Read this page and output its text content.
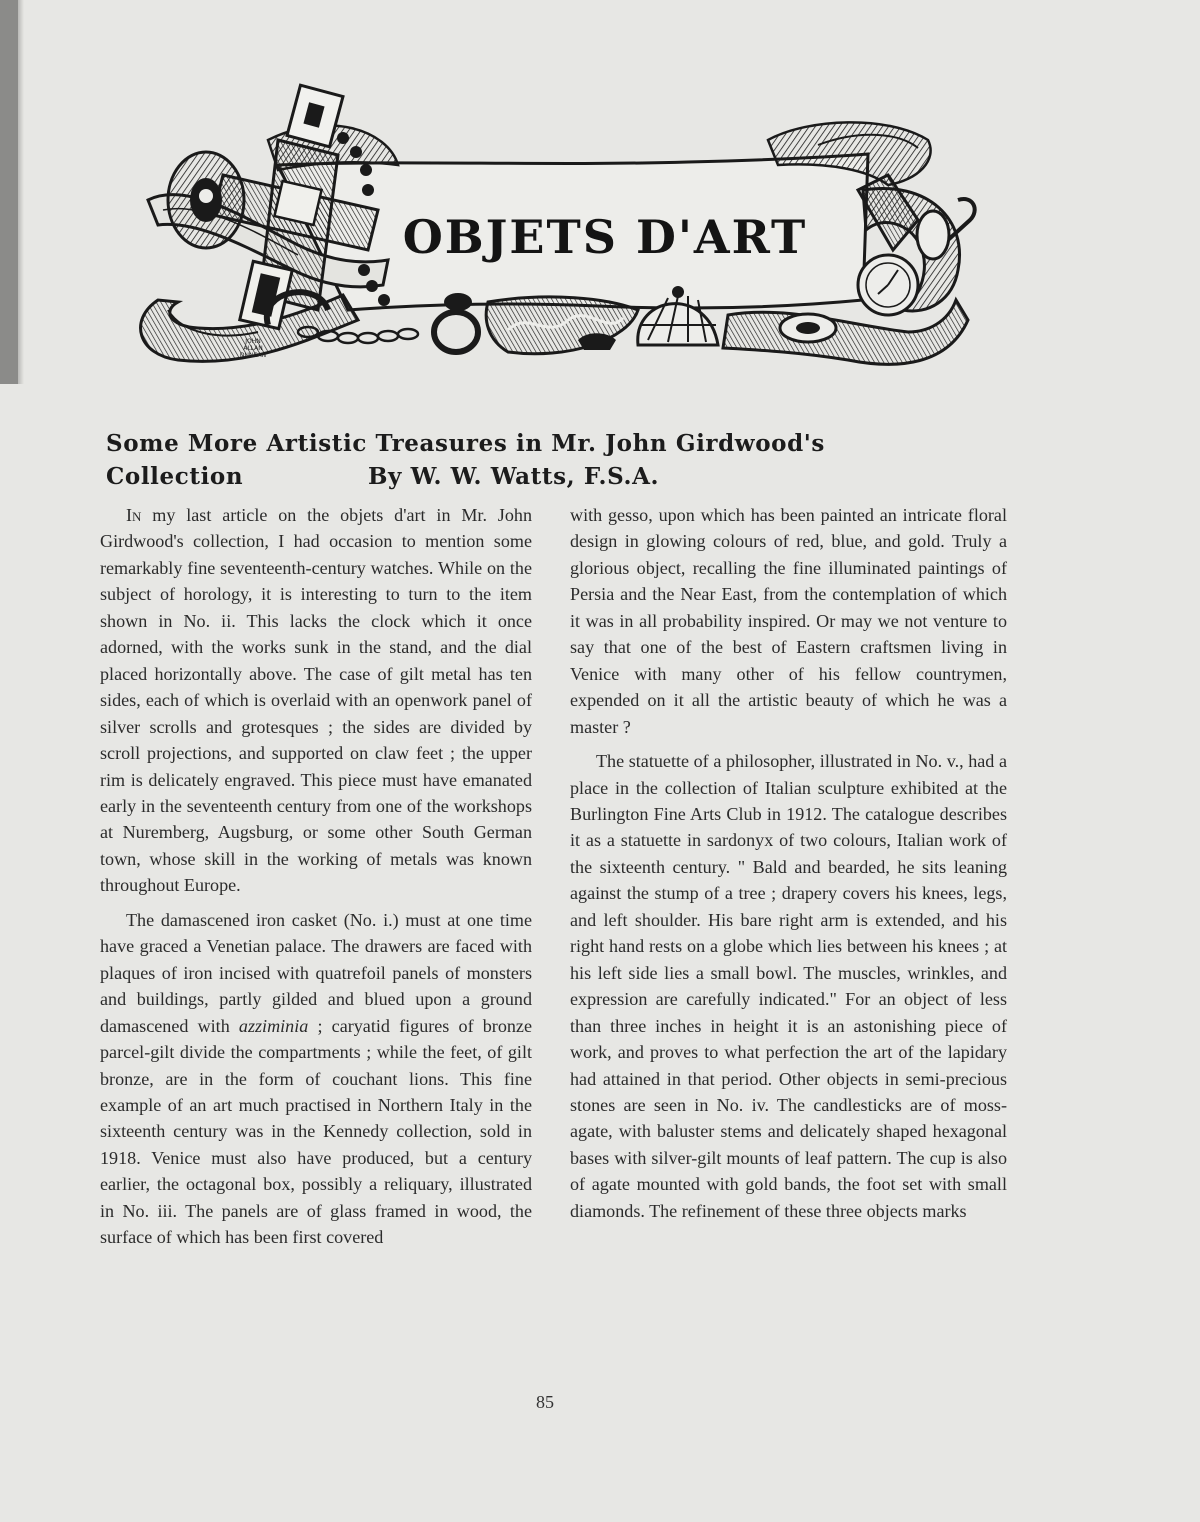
OBJETS D'ART
JOHN ALLAN DUNCAN
Some More Artistic Treasures in Mr. John Girdwood's
Collection	By W. W. Watts, F.S.A.

In my last article on the objets d'art in Mr. John Girdwood's collection, I had occasion to mention some remarkably fine seventeenth-century watches. While on the subject of horology, it is interesting to turn to the item shown in No. ii. This lacks the clock which it once adorned, with the works sunk in the stand, and the dial placed horizontally above. The case of gilt metal has ten sides, each of which is overlaid with an openwork panel of silver scrolls and grotesques ; the sides are divided by scroll projections, and supported on claw feet ; the upper rim is delicately engraved. This piece must have emanated early in the seventeenth century from one of the workshops at Nuremberg, Augsburg, or some other South German town, whose skill in the working of metals was known throughout Europe.

The damascened iron casket (No. i.) must at one time have graced a Venetian palace. The drawers are faced with plaques of iron incised with quatrefoil panels of monsters and buildings, partly gilded and blued upon a ground damascened with azziminia ; caryatid figures of bronze parcel-gilt divide the compartments ; while the feet, of gilt bronze, are in the form of couchant lions. This fine example of an art much practised in Northern Italy in the sixteenth century was in the Kennedy collection, sold in 1918. Venice must also have produced, but a century earlier, the octagonal box, possibly a reliquary, illustrated in No. iii. The panels are of glass framed in wood, the surface of which has been first covered

with gesso, upon which has been painted an intricate floral design in glowing colours of red, blue, and gold. Truly a glorious object, recalling the fine illuminated paintings of Persia and the Near East, from the contemplation of which it was in all probability inspired. Or may we not venture to say that one of the best of Eastern craftsmen living in Venice with many other of his fellow countrymen, expended on it all the artistic beauty of which he was a master ?

The statuette of a philosopher, illustrated in No. v., had a place in the collection of Italian sculpture exhibited at the Burlington Fine Arts Club in 1912. The catalogue describes it as a statuette in sardonyx of two colours, Italian work of the sixteenth century. " Bald and bearded, he sits leaning against the stump of a tree ; drapery covers his knees, legs, and left shoulder. His bare right arm is extended, and his right hand rests on a globe which lies between his knees ; at his left side lies a small bowl. The muscles, wrinkles, and expression are carefully indicated." For an object of less than three inches in height it is an astonishing piece of work, and proves to what perfection the art of the lapidary had attained in that period. Other objects in semi-precious stones are seen in No. iv. The candlesticks are of moss-agate, with baluster stems and delicately shaped hexagonal bases with silver-gilt mounts of leaf pattern. The cup is also of agate mounted with gold bands, the foot set with small diamonds. The refinement of these three objects marks

85
